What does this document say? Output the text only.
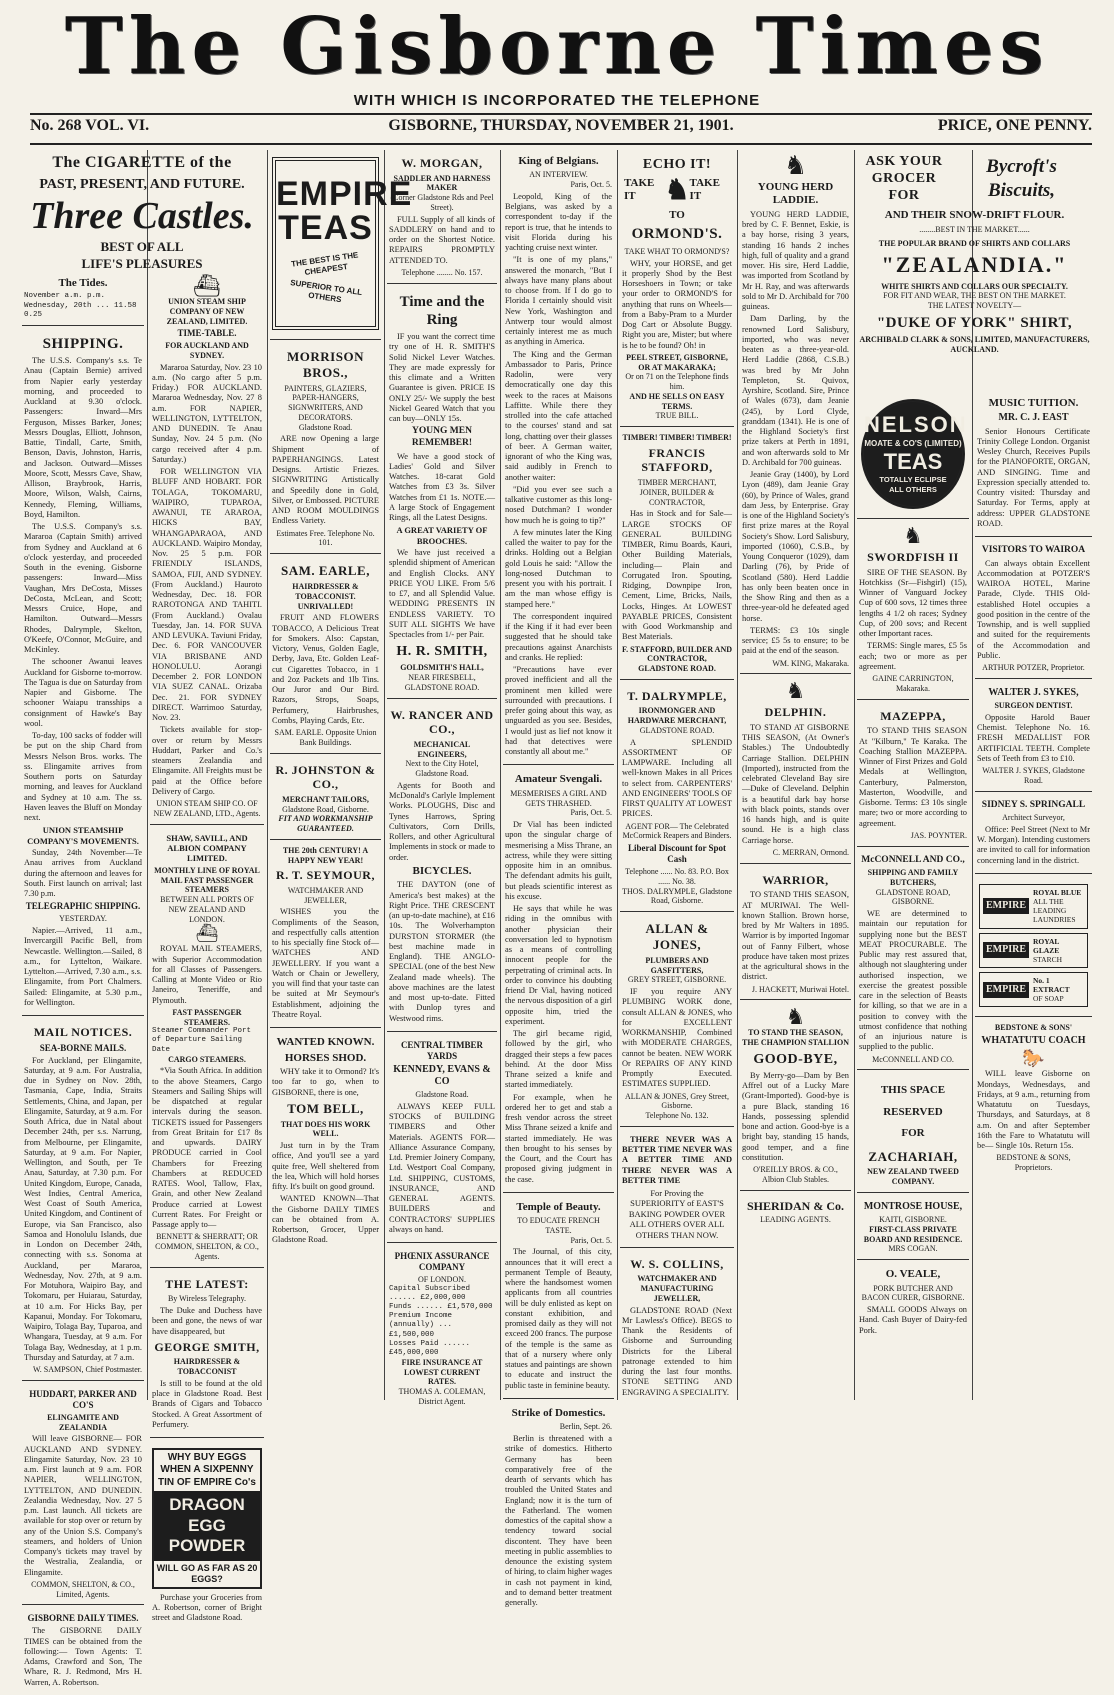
The Gisborne Times
WITH WHICH IS INCORPORATED THE TELEPHONE
No. 268 VOL. VI.	GISBORNE, THURSDAY, NOVEMBER 21, 1901.	PRICE, ONE PENNY.
The CIGARETTE of the
PAST, PRESENT, AND FUTURE.
Three Castles.
BEST OF ALL
LIFE'S PLEASURES
The Tides.
November a.m. p.m.
Wednesday, 20th ... 11.58 0.25
SHIPPING.

The U.S.S. Company's s.s. Te Anau (Captain Bernie) arrived from Napier early yesterday morning, and proceeded to Auckland at 9.30 o'clock. Passengers: Inward—Mrs Ferguson, Misses Barker, Jones; Messrs Douglas, Elliott, Johnson, Battie, Tindall, Carte, Smith, Benson, Davis, Johnston, Harris, and Jackson. Outward—Misses Moore, Scott, Messrs Cave, Shaw, Allison, Braybrook, Harris, Moore, Wilson, Walsh, Cairns, Kennedy, Fleming, Williams, Boyd, Hamilton.

The U.S.S. Company's s.s. Mararoa (Captain Smith) arrived from Sydney and Auckland at 6 o'clock yesterday, and proceeded South in the evening. Gisborne passengers: Inward—Miss Vaughan, Mrs DeCosta, Misses DeCosta, McLean, and Scott; Messrs Cruice, Hope, and Hamilton. Outward—Messrs Rhodes, Dalrymple, Skelton, O'Keefe, O'Connor, McGuire, and McKinley.

The schooner Awanui leaves Auckland for Gisborne to-morrow. The Tagua is due on Saturday from Napier and Gisborne. The schooner Waiapu transships a consignment of Hawke's Bay wool.

To-day, 100 sacks of fodder will be put on the ship Chard from Messrs Nelson Bros. works. The ss. Elingamite arrives from Southern ports on Saturday morning, and leaves for Auckland and Sydney at 10 a.m. The ss. Haven leaves the Bluff on Monday next.

UNION STEAMSHIP COMPANY'S MOVEMENTS.

Sunday, 24th November—Te Anau arrives from Auckland during the afternoon and leaves for South. First launch on arrival; last 7.30 p.m.

TELEGRAPHIC SHIPPING.
YESTERDAY.

Napier.—Arrived, 11 a.m., Invercargill Pacific Bell, from Newcastle. Wellington.—Sailed, 8 a.m., for Lyttelton, Waikare. Lyttelton.—Arrived, 7.30 a.m., s.s. Elingamite, from Port Chalmers. Sailed: Elingamite, at 5.30 p.m., for Wellington.

MAIL NOTICES.
SEA-BORNE MAILS.

For Auckland, per Elingamite, Saturday, at 9 a.m. For Australia, due in Sydney on Nov. 28th, Tasmania, Cape, India, Straits Settlements, China, and Japan, per Elingamite, Saturday, at 9 a.m. For South Africa, due in Natal about December 24th, per s.s. Narrung, from Melbourne, per Elingamite, Saturday, at 9 a.m. For Napier, Wellington, and South, per Te Anau, Saturday, at 7.30 p.m. For United Kingdom, Europe, Canada, West Indies, Central America, West Coast of South America, United Kingdom, and Continent of Europe, via San Francisco, also Samoa and Honolulu Islands, due in London on December 24th, connecting with s.s. Sonoma at Auckland, per Mararoa, Wednesday, Nov. 27th, at 9 a.m. For Motuhora, Waipiro Bay, and Tokomaru, per Huiarau, Saturday, at 10 a.m. For Hicks Bay, per Kapanui, Monday. For Tokomaru, Waipiro, Tolaga Bay, Tuparoa, and Whangara, Tuesday, at 9 a.m. For Tolaga Bay, Wednesday, at 1 p.m. Thursday and Saturday, at 7 a.m.

W. SAMPSON, Chief Postmaster.
HUDDART, PARKER AND CO'S
ELINGAMITE AND ZEALANDIA

Will leave GISBORNE— FOR AUCKLAND AND SYDNEY. Elingamite Saturday, Nov. 23 10 a.m. First launch at 9 a.m. FOR NAPIER, WELLINGTON, LYTTELTON, AND DUNEDIN. Zealandia Wednesday, Nov. 27 5 p.m. Last launch. All tickets are available for stop over or return by any of the Union S.S. Company's steamers, and holders of Union Company's tickets may travel by the Westralia, Zealandia, or Elingamite.

COMMON, SHELTON, & CO., Limited, Agents.
GISBORNE DAILY TIMES.

The GISBORNE DAILY TIMES can be obtained from the following:— Town Agents: T. Adams, Crawford and Son, The Whare, R. J. Redmond, Mrs H. Warren, A. Robertson.

⛴
UNION STEAM SHIP COMPANY OF NEW ZEALAND, LIMITED.
TIME-TABLE.
FOR AUCKLAND AND SYDNEY.

Mararoa Saturday, Nov. 23 10 a.m. (No cargo after 5 p.m. Friday.) FOR AUCKLAND. Mararoa Wednesday, Nov. 27 8 a.m. FOR NAPIER, WELLINGTON, LYTTELTON, AND DUNEDIN. Te Anau Sunday, Nov. 24 5 p.m. (No cargo received after 4 p.m. Saturday.)

FOR WELLINGTON VIA BLUFF AND HOBART. FOR TOLAGA, TOKOMARU, WAIPIRO, TUPAROA, AWANUI, TE ARAROA, HICKS BAY, WHANGAPARAOA, AND AUCKLAND. Waipiro Monday, Nov. 25 5 p.m. FOR FRIENDLY ISLANDS, SAMOA, FIJI, AND SYDNEY. (From Auckland.) Hauroto Wednesday, Dec. 18. FOR RAROTONGA AND TAHITI. (From Auckland.) Ovalau Tuesday, Jan. 14. FOR SUVA AND LEVUKA. Taviuni Friday, Dec. 6. FOR VANCOUVER VIA BRISBANE AND HONOLULU. Aorangi December 2. FOR LONDON VIA SUEZ CANAL. Orizaba Dec. 21. FOR SYDNEY DIRECT. Warrimoo Saturday, Nov. 23.

Tickets available for stop-over or return by Messrs Huddart, Parker and Co.'s steamers Zealandia and Elingamite. All Freights must be paid at the Office before Delivery of Cargo.

UNION STEAM SHIP CO. OF NEW ZEALAND, LTD., Agents.
SHAW, SAVILL, AND ALBION COMPANY LIMITED.
MONTHLY LINE OF ROYAL MAIL FAST PASSENGER STEAMERS
BETWEEN ALL PORTS OF NEW ZEALAND AND LONDON.
⛴

ROYAL MAIL STEAMERS, with Superior Accommodation for all Classes of Passengers. Calling at Monte Video or Rio Janeiro, Teneriffe, and Plymouth.

FAST PASSENGER STEAMERS.
Steamer Commander Port of Departure Sailing Date
CARGO STEAMERS.

*Via South Africa. In addition to the above Steamers, Cargo Steamers and Sailing Ships will be dispatched at regular intervals during the season. TICKETS issued for Passengers from Great Britain for £17 8s and upwards. DAIRY PRODUCE carried in Cool Chambers for Freezing Chambers at REDUCED RATES. Wool, Tallow, Flax, Grain, and other New Zealand Produce carried at Lowest Current Rates. For Freight or Passage apply to—

BENNETT & SHERRATT; OR COMMON, SHELTON, & CO., Agents.
THE LATEST:
By Wireless Telegraphy.

The Duke and Duchess have been and gone, the news of war have disappeared, but

GEORGE SMITH,
HAIRDRESSER & TOBACCONIST

Is still to be found at the old place in Gladstone Road. Best Brands of Cigars and Tobacco Stocked. A Great Assortment of Perfumery.

WHY BUY EGGS WHEN A SIXPENNY TIN OF EMPIRE Co's
DRAGON EGG POWDER
WILL GO AS FAR AS 20 EGGS?

Purchase your Groceries from A. Robertson, corner of Bright street and Gladstone Road.

EMPIRE TEAS
THE BEST IS THE CHEAPEST
SUPERIOR TO ALL OTHERS
MORRISON BROS.,
PAINTERS, GLAZIERS, PAPER-HANGERS, SIGNWRITERS, AND DECORATORS.
Gladstone Road.

ARE now Opening a large Shipment of PAPERHANGINGS. Latest Designs. Artistic Friezes. SIGNWRITING Artistically and Speedily done in Gold, Silver, or Embossed. PICTURE AND ROOM MOULDINGS Endless Variety.

Estimates Free. Telephone No. 101.
SAM. EARLE,
HAIRDRESSER & TOBACCONIST.
UNRIVALLED!

FRUIT AND FLOWERS TOBACCO, A Delicious Treat for Smokers. Also: Capstan, Victory, Venus, Golden Eagle, Derby, Java, Etc. Golden Leaf-cut Cigarettes Tobacco, in 1 and 2oz Packets and 1lb Tins. Our Juror and Our Bird. Razors, Strops, Soaps, Perfumery, Hairbrushes, Combs, Playing Cards, Etc.

SAM. EARLE. Opposite Union Bank Buildings.
R. JOHNSTON & CO.,
MERCHANT TAILORS,
Gladstone Road, Gisborne.
FIT AND WORKMANSHIP GUARANTEED.
THE 20th CENTURY! A HAPPY NEW YEAR!
R. T. SEYMOUR,
WATCHMAKER AND JEWELLER,

WISHES you the Compliments of the Season, and respectfully calls attention to his specially fine Stock of— WATCHES AND JEWELLERY. If you want a Watch or Chain or Jewellery, you will find that your taste can be suited at Mr Seymour's Establishment, adjoining the Theatre Royal.

WANTED KNOWN.
HORSES SHOD.

WHY take it to Ormond? It's too far to go, when to GISBORNE, there is one,

TOM BELL,
THAT DOES HIS WORK WELL.

Just turn in by the Tram office, And you'll see a yard quite free, Well sheltered from the lea, Which will hold horses fifty. It's built on good ground.

WANTED KNOWN—That the Gisborne DAILY TIMES can be obtained from A. Robertson, Grocer, Upper Gladstone Road.

W. MORGAN,
SADDLER AND HARNESS MAKER
(Corner Gladstone Rds and Peel Street).

FULL Supply of all kinds of SADDLERY on hand and to order on the Shortest Notice. REPAIRS PROMPTLY ATTENDED TO.

Telephone ........ No. 157.
Time and the Ring

IF you want the correct time try one of H. R. SMITH'S Solid Nickel Lever Watches. They are made expressly for this climate and a Written Guarantee is given. PRICE IS ONLY 25/- We supply the best Nickel Geared Watch that you can buy—ONLY 15s.

YOUNG MEN REMEMBER!

We have a good stock of Ladies' Gold and Silver Watches. 18-carat Gold Watches from £3 3s. Silver Watches from £1 1s. NOTE.—A large Stock of Engagement Rings, all the Latest Designs.

A GREAT VARIETY OF BROOCHES.

We have just received a splendid shipment of American and English Clocks. ANY PRICE YOU LIKE. From 5/6 to £7, and all Splendid Value. WEDDING PRESENTS IN ENDLESS VARIETY. TO SUIT ALL SIGHTS We have Spectacles from 1/- per Pair.

H. R. SMITH,
GOLDSMITH'S HALL,
NEAR FIRESBELL, GLADSTONE ROAD.
W. RANCER AND CO.,
MECHANICAL ENGINEERS,
Next to the City Hotel, Gladstone Road.

Agents for Booth and McDonald's Carlyle Implement Works. PLOUGHS, Disc and Tynes Harrows, Spring Cultivators, Corn Drills, Rollers, and other Agricultural Implements in stock or made to order.

BICYCLES.

THE DAYTON (one of America's best makes) at the Right Price. THE CRESCENT (an up-to-date machine), at £16 10s. The Wolverhampton DURSTON STORMER (the best machine made in England). THE ANGLO-SPECIAL (one of the best New Zealand made wheels). The above machines are the latest and most up-to-date. Fitted with Dunlop tyres and Westwood rims.

CENTRAL TIMBER YARDS
KENNEDY, EVANS & CO
Gladstone Road.

ALWAYS KEEP FULL STOCKS of BUILDING TIMBERS and Other Materials. AGENTS FOR— Alliance Assurance Company, Ltd. Premier Joinery Company, Ltd. Westport Coal Company, Ltd. SHIPPING, CUSTOMS, INSURANCE, AND GENERAL AGENTS. BUILDERS and CONTRACTORS' SUPPLIES always on hand.

PHŒNIX ASSURANCE COMPANY
OF LONDON.
Capital Subscribed ...... £2,000,000
Funds ...... £1,570,000
Premium Income (annually) ... £1,500,000
Losses Paid ...... £45,000,000
FIRE INSURANCE AT LOWEST CURRENT RATES.
THOMAS A. COLEMAN, District Agent.
King of Belgians.
AN INTERVIEW.
Paris, Oct. 5.

Leopold, King of the Belgians, was asked by a correspondent to-day if the report is true, that he intends to visit Florida during his yachting cruise next winter.

"It is one of my plans," answered the monarch, "But I always have many plans about to choose from. If I do go to Florida I certainly should visit New York, Washington and Antwerp tour would almost certainly interest me as much as anything in America.

The King and the German Ambassador to Paris, Prince Radolin, were very democratically one day this week to the races at Maisons Laffitte. While there they strolled into the cafe attached to the courses' stand and sat long, chatting over their glasses of beer. A German waiter, ignorant of who the King was, said audibly in French to another waiter:

"Did you ever see such a talkative customer as this long-nosed Dutchman? I wonder how much he is going to tip?"

A few minutes later the King called the waiter to pay for the drinks. Holding out a Belgian gold Louis he said: "Allow the long-nosed Dutchman to present you with his portrait. I am the man whose effigy is stamped here."

The correspondent inquired if the King if it had ever been suggested that he should take precautions against Anarchists and cranks. He replied:

"Precautions have ever proved inefficient and all the prominent men killed were surrounded with precautions. I prefer going about this way, as unguarded as you see. Besides, I would just as lief not know it had that detectives were constantly all about me."

Amateur Svengali.
MESMERISES A GIRL AND GETS THRASHED.
Paris, Oct. 5.

Dr Vial has been indicted upon the singular charge of mesmerising a Miss Thrane, an actress, while they were sitting opposite him in an omnibus. The defendant admits his guilt, but pleads scientific interest as his excuse.

He says that while he was riding in the omnibus with another physician their conversation led to hypnotism as a means of controlling innocent people for the perpetrating of criminal acts. In order to convince his doubting friend Dr Vial, having noticed the nervous disposition of a girl opposite him, tried the experiment.

The girl became rigid, followed by the girl, who dragged their steps a few paces behind. At the door Miss Thrane seized a knife and started immediately.

For example, when he ordered her to get and stab a fresh vendor across the street Miss Thrane seized a knife and started immediately. He was then brought to his senses by the Court, and the Court has proposed giving judgment in the case.

Temple of Beauty.
TO EDUCATE FRENCH TASTE.
Paris, Oct. 5.

The Journal, of this city, announces that it will erect a permanent Temple of Beauty, where the handsomest women applicants from all countries will be duly enlisted as kept on constant exhibition, and promised daily as they will not exceed 200 francs. The purpose of the temple is the same as that of a nursery where only statues and paintings are shown to educate and instruct the public taste in feminine beauty.

Strike of Domestics.
Berlin, Sept. 26.

Berlin is threatened with a strike of domestics. Hitherto Germany has been comparatively free of the dearth of servants which has troubled the United States and England; now it is the turn of the Fatherland. The women domestics of the capital show a tendency toward social discontent. They have been meeting in public assemblies to denounce the existing system of hiring, to claim higher wages in cash not payment in kind, and to demand better treatment generally.

ECHO IT!
TAKE IT	♞ TAKE IT
TO
ORMOND'S.
TAKE WHAT TO ORMOND'S?

WHY, your HORSE, and get it properly Shod by the Best Horseshoers in Town; or take your order to ORMOND'S for anything that runs on Wheels—from a Baby-Pram to a Murder Dog Cart or Absolute Buggy. Right you are, Mister; but where is he to be found? Oh! in

PEEL STREET, GISBORNE, OR AT MAKARAKA;
Or on 71 on the Telephone finds him.
AND HE SELLS ON EASY TERMS.
TRUE BILL.
TIMBER! TIMBER! TIMBER!
FRANCIS STAFFORD,
TIMBER MERCHANT, JOINER, BUILDER & CONTRACTOR,

Has in Stock and for Sale— LARGE STOCKS OF GENERAL BUILDING TIMBER, Rimu Boards, Kauri, Other Building Materials, including— Plain and Corrugated Iron. Spouting, Ridging, Downpipe Iron, Cement, Lime, Bricks, Nails, Locks, Hinges. At LOWEST PAYABLE PRICES, Consistent with Good Workmanship and Best Materials.

F. STAFFORD, BUILDER AND CONTRACTOR, GLADSTONE ROAD.
T. DALRYMPLE,
IRONMONGER AND HARDWARE MERCHANT,
GLADSTONE ROAD.

A SPLENDID ASSORTMENT OF LAMPWARE. Including all well-known Makes in all Prices to select from. CARPENTERS' AND ENGINEERS' TOOLS OF FIRST QUALITY AT LOWEST PRICES.

AGENT FOR— The Celebrated McCormick Reapers and Binders.
Liberal Discount for Spot Cash
Telephone ...... No. 83. P.O. Box ...... No. 38.
THOS. DALRYMPLE, Gladstone Road, Gisborne.
ALLAN & JONES,
PLUMBERS AND GASFITTERS,
GREY STREET, GISBORNE.

IF you require ANY PLUMBING WORK done, consult ALLAN & JONES, who for EXCELLENT WORKMANSHIP, Combined with MODERATE CHARGES, cannot be beaten. NEW WORK Or REPAIRS OF ANY KIND Promptly Executed. ESTIMATES SUPPLIED.

ALLAN & JONES, Grey Street, Gisborne.
Telephone No. 132.

THERE NEVER WAS A BETTER TIME NEVER WAS A BETTER TIME AND THERE NEVER WAS A BETTER TIME

For Proving the SUPERIORITY of EAST'S BAKING POWDER OVER ALL OTHERS OVER ALL OTHERS THAN NOW.

W. S. COLLINS,
WATCHMAKER AND MANUFACTURING JEWELLER,

GLADSTONE ROAD (Next Mr Lawless's Office). BEGS to Thank the Residents of Gisborne and Surrounding Districts for the Liberal patronage extended to him during the last four months. STONE SETTING AND ENGRAVING A SPECIALITY.

♞
YOUNG HERD LADDIE.

YOUNG HERD LADDIE, bred by C. F. Bennet, Eskie, is a bay horse, rising 3 years, standing 16 hands 2 inches high, full of quality and a grand mover. His sire, Herd Laddie, was imported from Scotland by Mr H. Ray, and was afterwards sold to Mr D. Archibald for 700 guineas.

Dam Darling, by the renowned Lord Salisbury, imported, who was never beaten as a three-year-old. Herd Laddie (2868, C.S.B.) was bred by Mr John Templeton, St. Quivox, Ayrshire, Scotland. Sire, Prince of Wales (673), dam Jeanie (245), by Lord Clyde, granddam (1341). He is one of the Highland Society's first prize takers at Perth in 1891, and won afterwards sold to Mr D. Archibald for 700 guineas.

Jeanie Gray (1400), by Lord Lyon (489), dam Jeanie Gray (60), by Prince of Wales, grand dam Jess, by Enterprise. Gray is one of the Highland Society's first prize mares at the Royal Society's Show. Lord Salisbury, imported (1060), C.S.B., by Young Conqueror (1029), dam Darling (76), by Pride of Scotland (580). Herd Laddie has only been beaten once in the Show Ring and then as a three-year-old he defeated aged horse.

TERMS: £3 10s single service; £5 5s to ensure; to be paid at the end of the season.

WM. KING, Makaraka.
♞
DELPHIN.

TO STAND AT GISBORNE THIS SEASON, (At Owner's Stables.) The Undoubtedly Carriage Stallion. DELPHIN (Imported), instructed from the celebrated Cleveland Bay sire—Duke of Cleveland. Delphin is a beautiful dark bay horse with black points, stands over 16 hands high, and is quite sound. He is a high class Carriage horse.

C. MERRAN, Ormond.
WARRIOR,

TO STAND THIS SEASON, AT MURIWAI. The Well-known Stallion. Brown horse, bred by Mr Walters in 1895. Warrior is by imported Ingomar out of Fanny Filbert, whose produce have taken most prizes at the agricultural shows in the district.

J. HACKETT, Muriwai Hotel.
♞
TO STAND THE SEASON, THE CHAMPION STALLION
GOOD-BYE,

By Merry-go—Dam by Ben Affrel out of a Lucky Mare (Grant-Imported). Good-bye is a pure Black, standing 16 Hands, possessing splendid bone and action. Good-bye is a bright bay, standing 15 hands, good temper, and a fine constitution.

O'REILLY BROS. & CO., Albion Club Stables.
SHERIDAN & Co.
LEADING AGENTS.
ASK YOUR GROCER FOR
Bycroft's Biscuits,
AND THEIR SNOW-DRIFT FLOUR.
........BEST IN THE MARKET......
THE POPULAR BRAND OF SHIRTS AND COLLARS
"ZEALANDIA."
WHITE SHIRTS AND COLLARS OUR SPECIALTY.
FOR FIT AND WEAR, THE BEST ON THE MARKET.
THE LATEST NOVELTY—
"DUKE OF YORK" SHIRT,
ARCHIBALD CLARK & SONS, LIMITED, MANUFACTURERS, AUCKLAND.
NELSON
MOATE & CO'S (LIMITED)
TEAS
TOTALLY ECLIPSE ALL OTHERS
♞
SWORDFISH II

SIRE OF THE SEASON. By Hotchkiss (Sr—Fishgirl) (15), Winner of Vanguard Jockey Cup of 600 sovs, 12 times three lengths 4 1/2 oh races; Sydney Cup, of 200 sovs; and Recent other Important races.

TERMS: Single mares, £5 5s each; two or more as per agreement.

GAINE CARRINGTON, Makaraka.
MAZEPPA,

TO STAND THIS SEASON At "Kilburn," Te Karaka. The Coaching Stallion MAZEPPA. Winner of First Prizes and Gold Medals at Wellington, Canterbury, Palmerston, Masterton, Woodville, and Gisborne. Terms: £3 10s single mare; two or more according to agreement.

JAS. POYNTER.
McCONNELL AND CO.,
SHIPPING AND FAMILY BUTCHERS,
GLADSTONE ROAD, GISBORNE.

WE are determined to maintain our reputation for supplying none but the BEST MEAT PROCURABLE. The Public may rest assured that, although not slaughtering under authorised inspection, we exercise the greatest possible care in the selection of Beasts for killing, so that we are in a position to convey with the utmost confidence that nothing of an injurious nature is supplied to the public.

McCONNELL AND CO.
THIS SPACE
RESERVED
FOR
ZACHARIAH,
NEW ZEALAND TWEED COMPANY.
MONTROSE HOUSE,
KAITI, GISBORNE.
FIRST-CLASS PRIVATE BOARD AND RESIDENCE.
MRS COGAN.
O. VEALE,
PORK BUTCHER AND BACON CURER, GISBORNE.

SMALL GOODS Always on Hand. Cash Buyer of Dairy-fed Pork.

MUSIC TUITION.
MR. C. J. EAST

Senior Honours Certificate Trinity College London. Organist Wesley Church, Receives Pupils for the PIANOFORTE, ORGAN, AND SINGING. Time and Expression specially attended to. Country visited: Thursday and Saturday. For Terms, apply at address: UPPER GLADSTONE ROAD.

VISITORS TO WAIROA

Can always obtain Excellent Accommodation at POTZER'S WAIROA HOTEL, Marine Parade, Clyde. THIS Old-established Hotel occupies a good position in the centre of the Township, and is well supplied and suited for the requirements of the Accommodation and Public.

ARTHUR POTZER, Proprietor.
WALTER J. SYKES,
SURGEON DENTIST.

Opposite Harold Bauer Chemist. Telephone No. 16. FRESH MEDALLIST FOR ARTIFICIAL TEETH. Complete Sets of Teeth from £3 to £10.

WALTER J. SYKES, Gladstone Road.
SIDNEY S. SPRINGALL
Architect Surveyor,

Office: Peel Street (Next to Mr W. Morgan). Intending customers are invited to call for information concerning land in the district.

EMPIRE
ROYAL BLUE
ALL THE LEADING LAUNDRIES
EMPIRE
ROYAL GLAZE
STARCH
EMPIRE
No. 1 EXTRACT
OF SOAP
BEDSTONE & SONS'
WHATATUTU COACH
🐎

WILL leave Gisborne on Mondays, Wednesdays, and Fridays, at 9 a.m., returning from Whatatutu on Tuesdays, Thursdays, and Saturdays, at 8 a.m. On and after September 16th the Fare to Whatatutu will be— Single 10s. Return 15s.

BEDSTONE & SONS, Proprietors.
